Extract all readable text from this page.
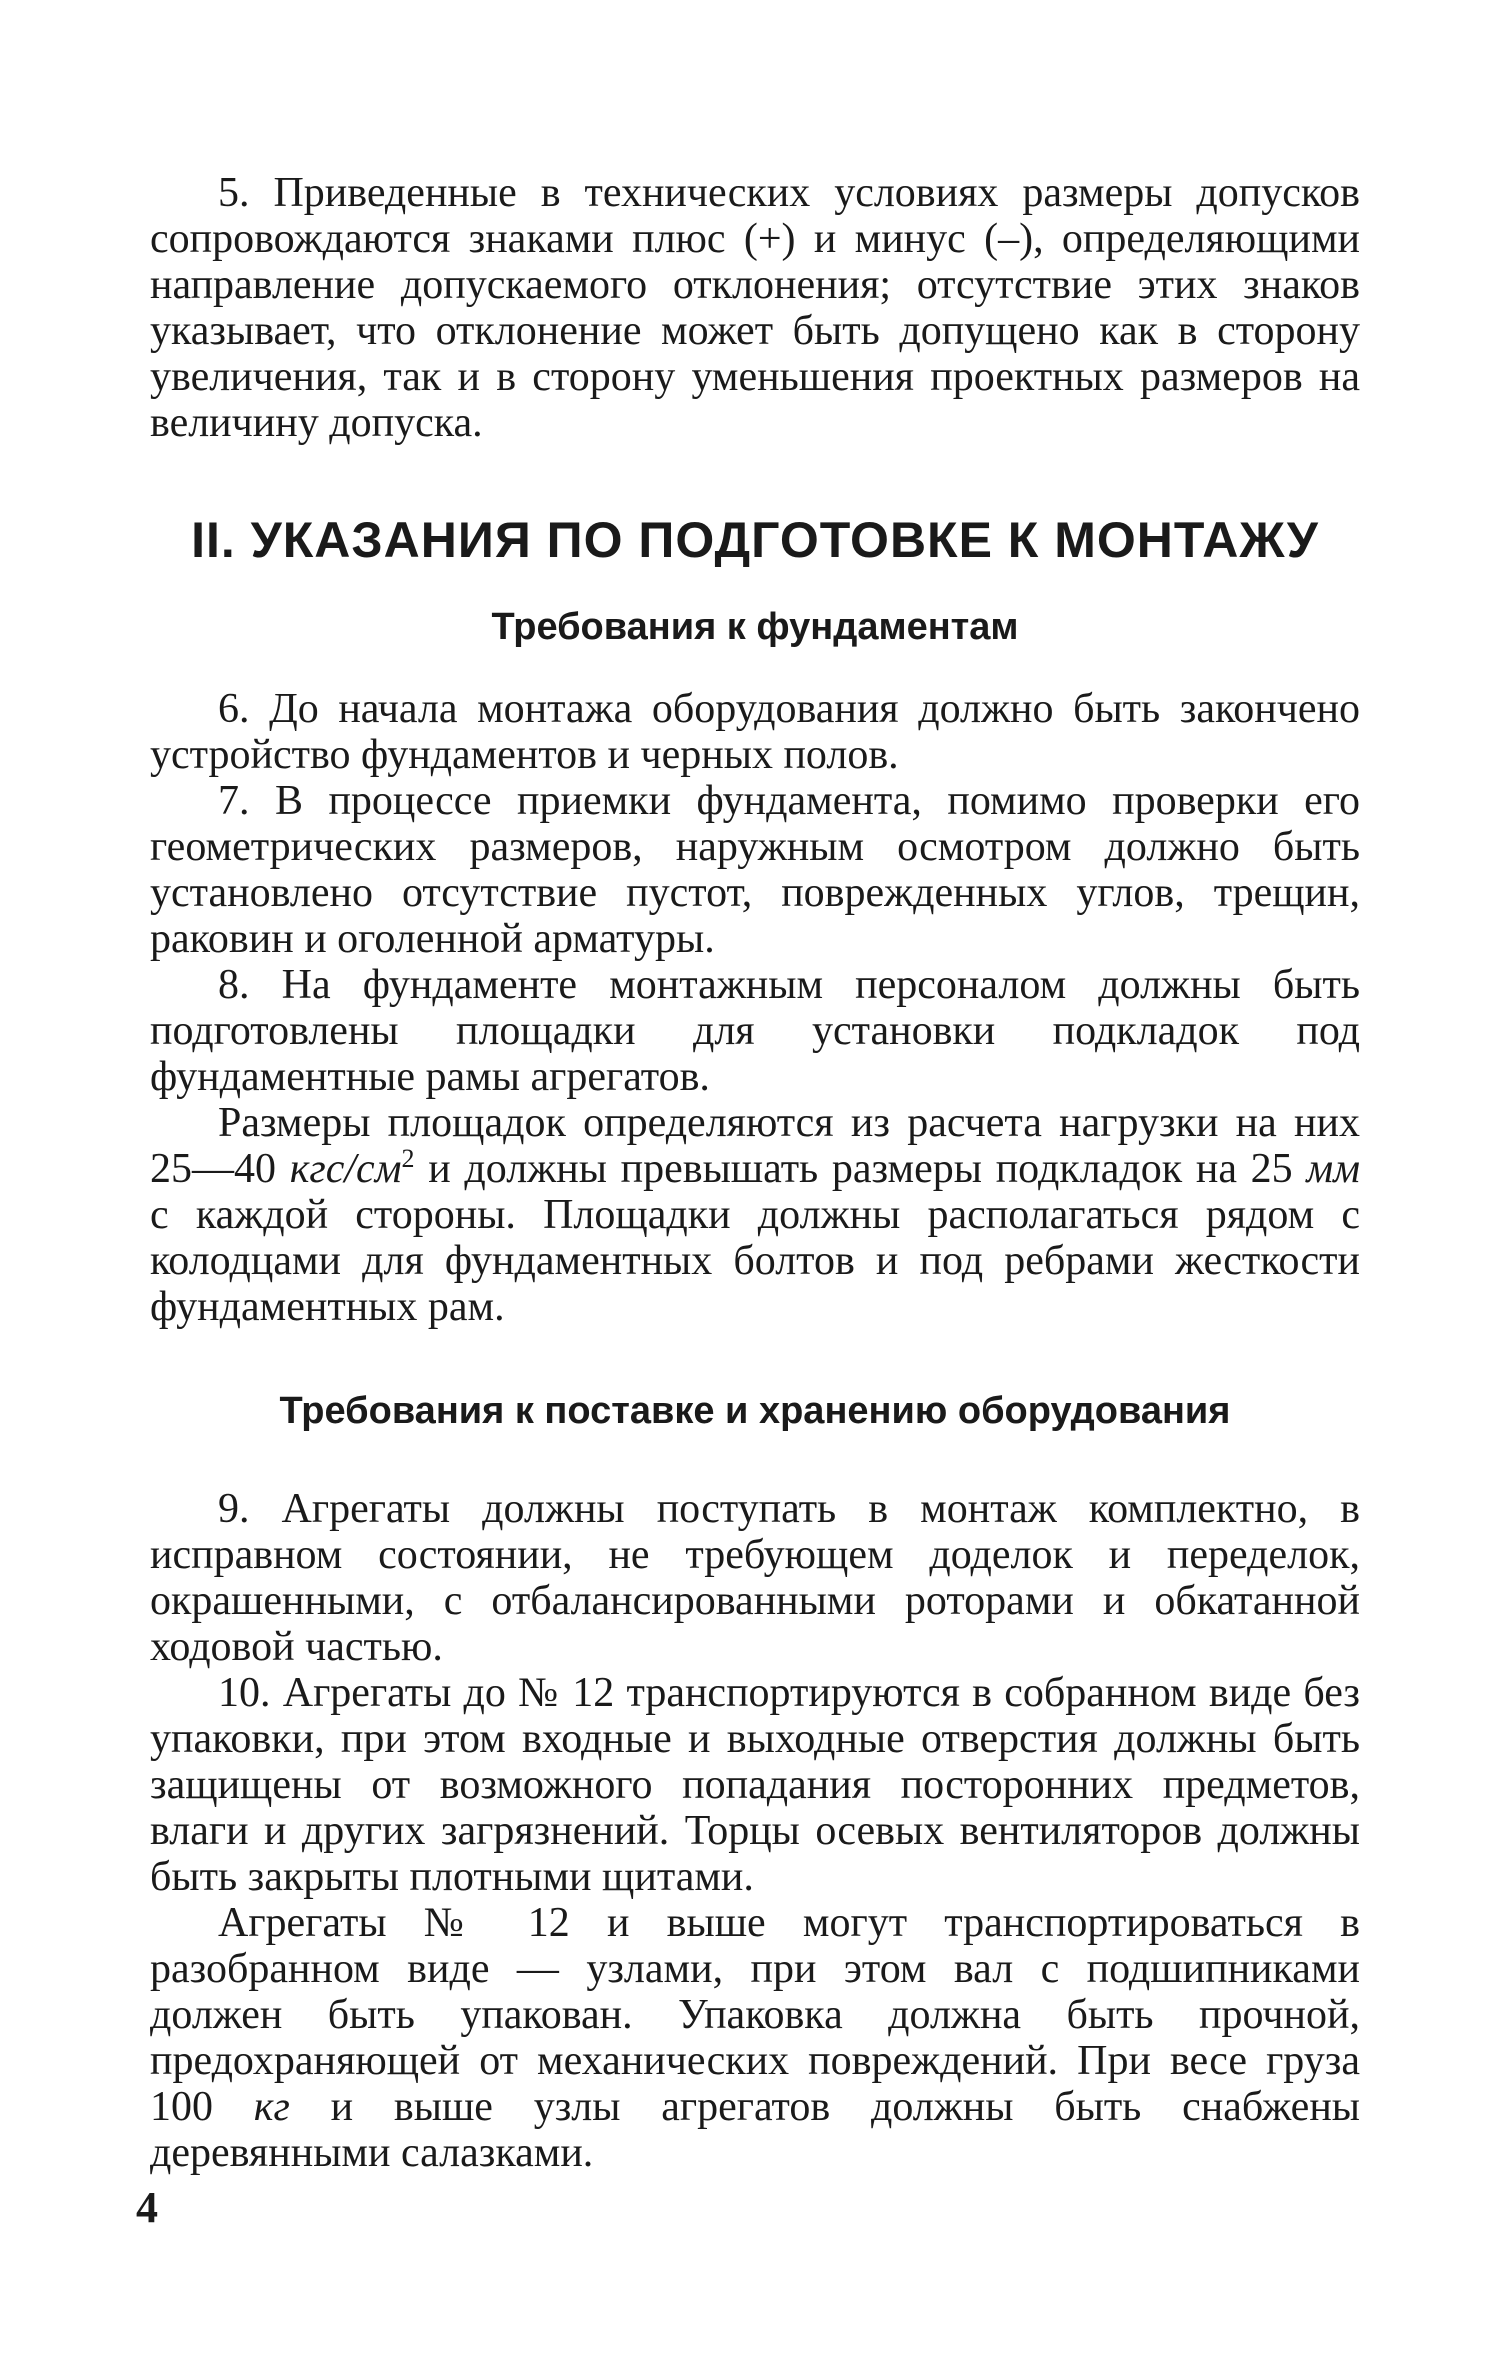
5. Приведенные в технических условиях размеры допусков сопровождаются знаками плюс (+) и минус (–), определяющими направление допускаемого отклонения; отсутствие этих знаков указывает, что отклонение может быть допущено как в сторону увеличения, так и в сторону уменьшения проектных размеров на величину допуска.

II. УКАЗАНИЯ ПО ПОДГОТОВКЕ К МОНТАЖУ
Требования к фундаментам

6. До начала монтажа оборудования должно быть закончено устройство фундаментов и черных полов.

7. В процессе приемки фундамента, помимо проверки его геометрических размеров, наружным осмотром должно быть установлено отсутствие пустот, поврежденных углов, трещин, раковин и оголенной арматуры.

8. На фундаменте монтажным персоналом должны быть подготовлены площадки для установки подкладок под фундаментные рамы агрегатов.

Размеры площадок определяются из расчета нагрузки на них 25—40 кгс/$см^2$ и должны превышать размеры подкладок на 25 мм с каждой стороны. Площадки должны располагаться рядом с колодцами для фундаментных болтов и под ребрами жесткости фундаментных рам.

Требования к поставке и хранению оборудования

9. Агрегаты должны поступать в монтаж комплектно, в исправном состоянии, не требующем доделок и переделок, окрашенными, с отбалансированными роторами и обкатанной ходовой частью.

10. Агрегаты до № 12 транспортируются в собранном виде без упаковки, при этом входные и выходные отверстия должны быть защищены от возможного попадания посторонних предметов, влаги и других загрязнений. Торцы осевых вентиляторов должны быть закрыты плотными щитами.

Агрегаты № 12 и выше могут транспортироваться в разобранном виде — узлами, при этом вал с подшипниками должен быть упакован. Упаковка должна быть прочной, предохраняющей от механических повреждений. При весе груза 100 кг и выше узлы агрегатов должны быть снабжены деревянными салазками.

4
